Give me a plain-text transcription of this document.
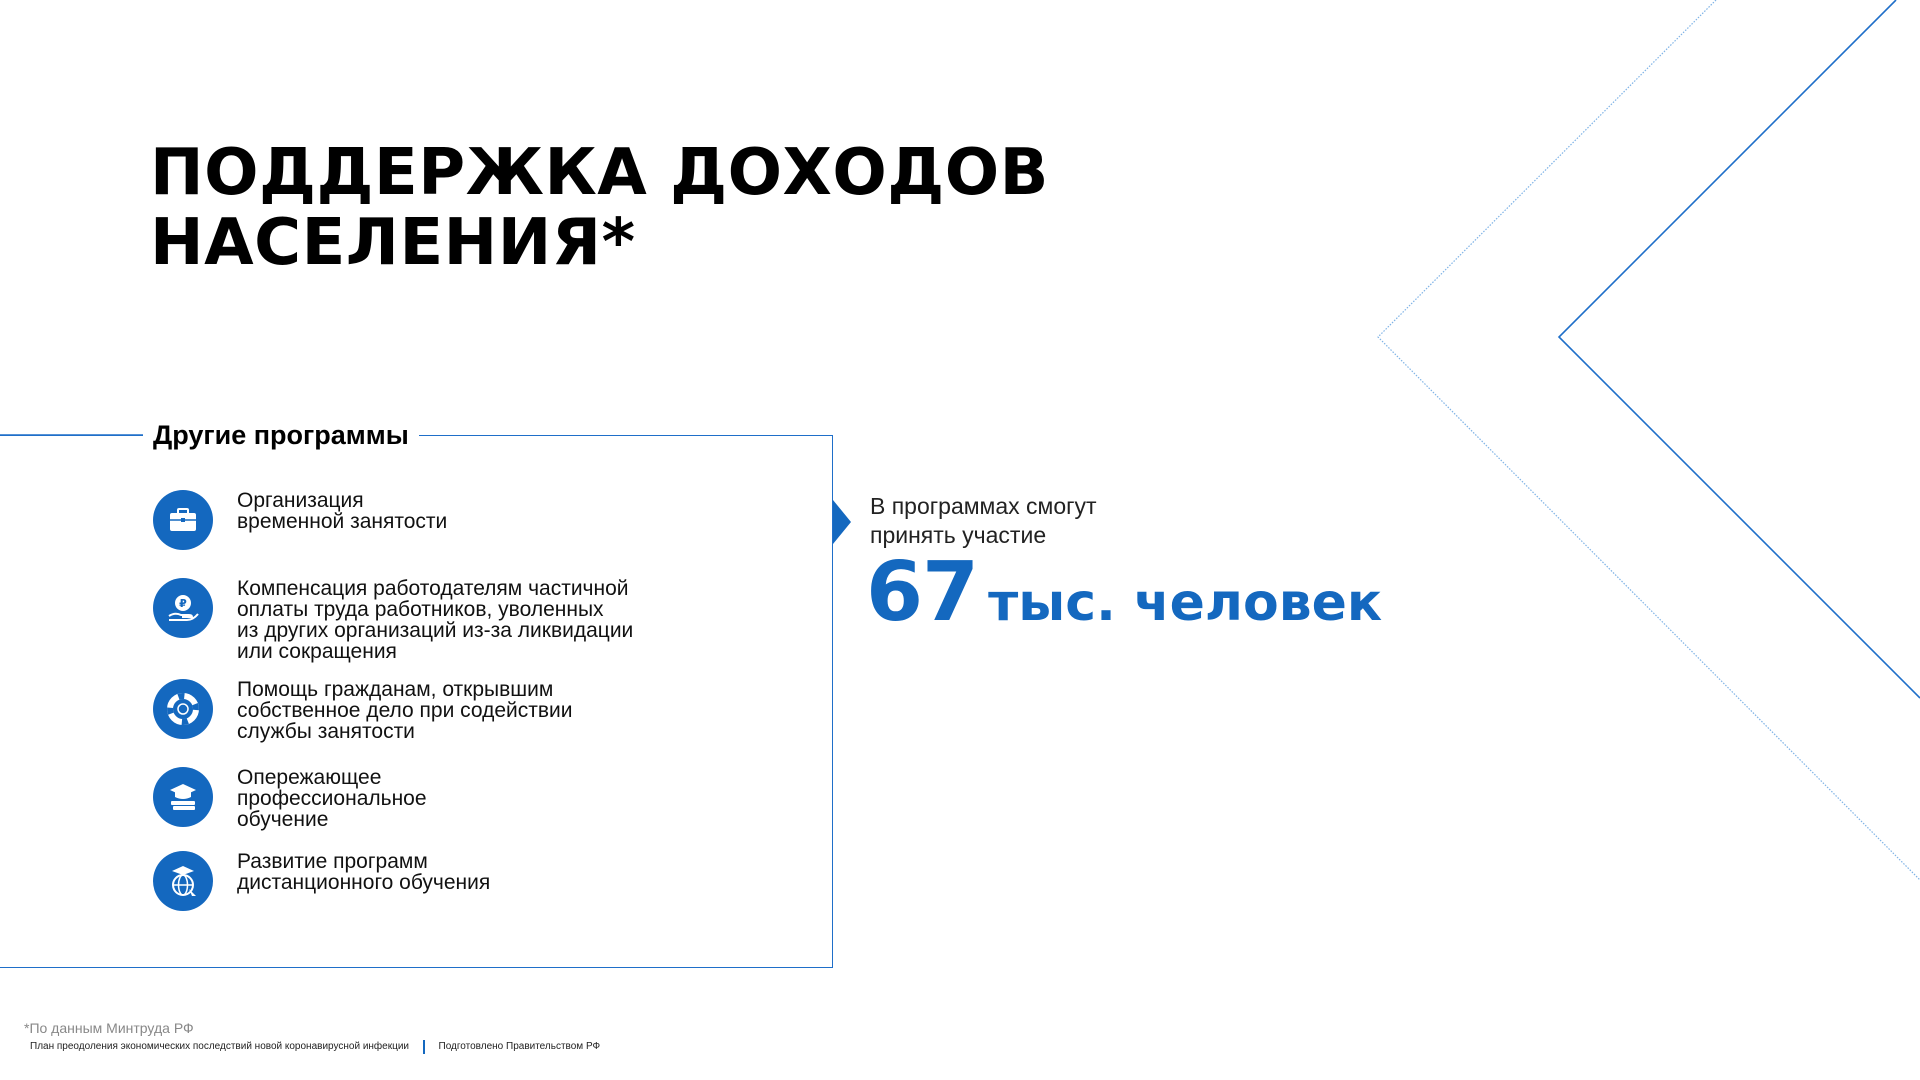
ПОДДЕРЖКА ДОХОДОВ
НАСЕЛЕНИЯ*
Другие программы
Организация
временной занятости
₽
Компенсация работодателям частичной
оплаты труда работников, уволенных
из других организаций из-за ликвидации
или сокращения
Помощь гражданам, открывшим
собственное дело при содействии
службы занятости
Опережающее
профессиональное
обучение
Развитие программ
дистанционного обучения
В программах смогут
принять участие
67 тыс. человек
*По данным Минтруда РФ
План преодоления экономических последствий новой коронавирусной инфекции	Подготовлено Правительством РФ
